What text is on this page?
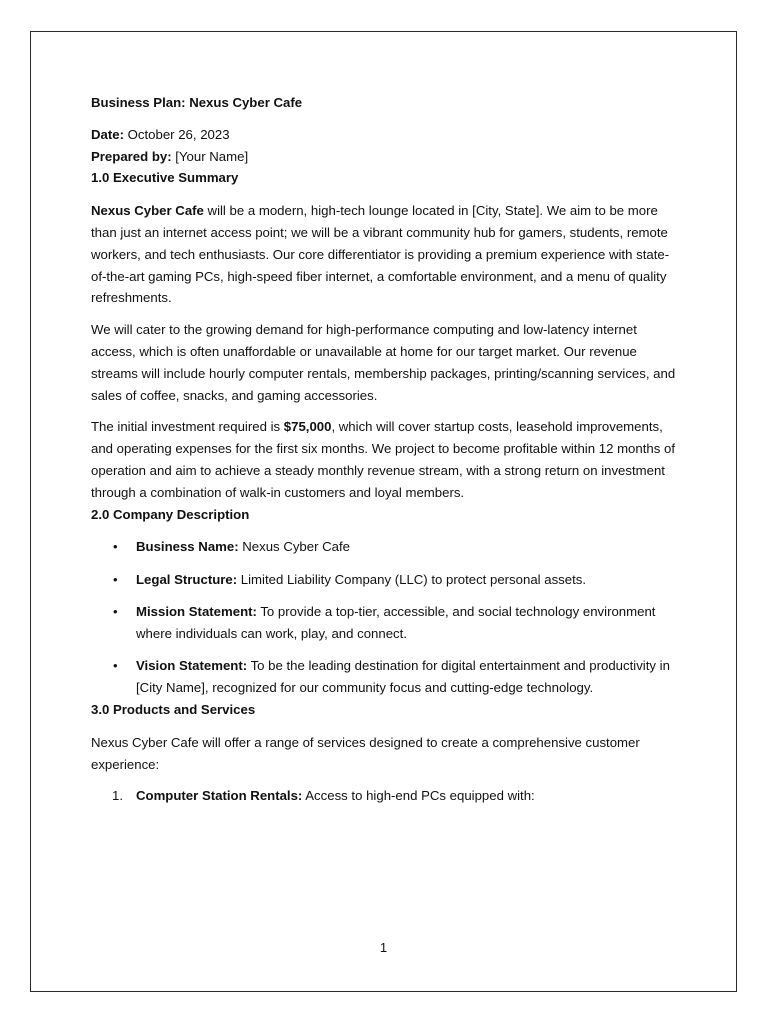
Business Plan: Nexus Cyber Cafe

Date: October 26, 2023

Prepared by: [Your Name]

1.0 Executive Summary

Nexus Cyber Cafe will be a modern, high-tech lounge located in [City, State]. We aim to be more than just an internet access point; we will be a vibrant community hub for gamers, students, remote workers, and tech enthusiasts. Our core differentiator is providing a premium experience with state-of-the-art gaming PCs, high-speed fiber internet, a comfortable environment, and a menu of quality refreshments.

We will cater to the growing demand for high-performance computing and low-latency internet access, which is often unaffordable or unavailable at home for our target market. Our revenue streams will include hourly computer rentals, membership packages, printing/scanning services, and sales of coffee, snacks, and gaming accessories.

The initial investment required is $75,000, which will cover startup costs, leasehold improvements, and operating expenses for the first six months. We project to become profitable within 12 months of operation and aim to achieve a steady monthly revenue stream, with a strong return on investment through a combination of walk-in customers and loyal members.

2.0 Company Description

• Business Name: Nexus Cyber Cafe
• Legal Structure: Limited Liability Company (LLC) to protect personal assets.
• Mission Statement: To provide a top-tier, accessible, and social technology environment where individuals can work, play, and connect.
• Vision Statement: To be the leading destination for digital entertainment and productivity in [City Name], recognized for our community focus and cutting-edge technology.

3.0 Products and Services

Nexus Cyber Cafe will offer a range of services designed to create a comprehensive customer experience:

1. Computer Station Rentals: Access to high-end PCs equipped with:
1
